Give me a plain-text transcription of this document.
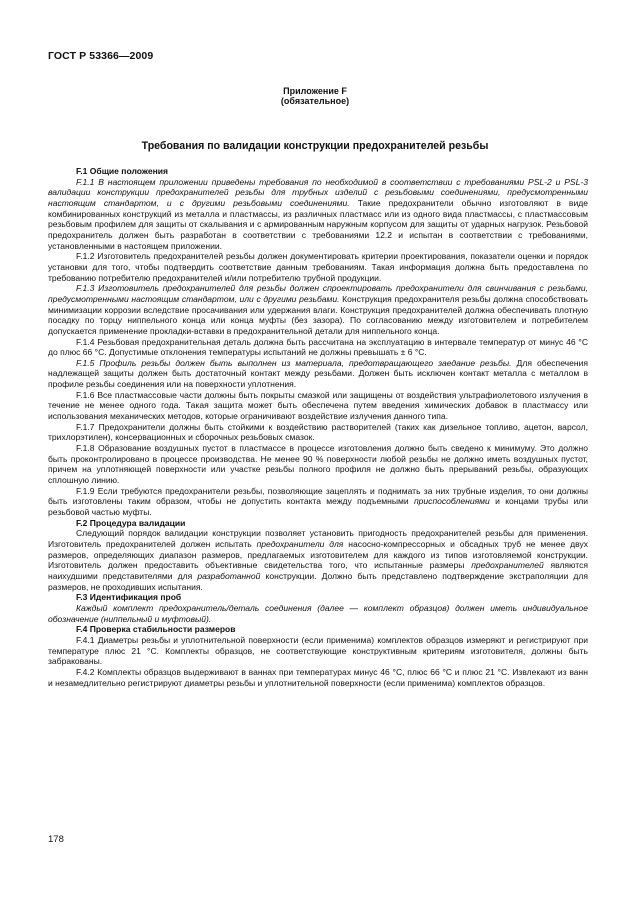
ГОСТ Р 53366—2009
Приложение F
(обязательное)
Требования по валидации конструкции предохранителей резьбы

F.1 Общие положения

F.1.1 В настоящем приложении приведены требования по необходимой в соответствии с требованиями PSL-2 и PSL-3 валидации конструкции предохранителей резьбы для трубных изделий с резьбовыми соединениями, предусмотренными настоящим стандартом, и с другими резьбовыми соединениями. Такие предохранители обычно изготовляют в виде комбинированных конструкций из металла и пластмассы, из различных пластмасс или из одного вида пластмассы, с пластмассовым резьбовым профилем для защиты от скалывания и с армированным наружным корпусом для защиты от ударных нагрузок. Резьбовой предохранитель должен быть разработан в соответствии с требованиями 12.2 и испытан в соответствии с требованиями, установленными в настоящем приложении.

F.1.2 Изготовитель предохранителей резьбы должен документировать критерии проектирования, показатели оценки и порядок установки для того, чтобы подтвердить соответствие данным требованиям. Такая информация должна быть предоставлена по требованию потребителю предохранителей и/или потребителю трубной продукции.

F.1.3 Изготовитель предохранителей для резьбы должен спроектировать предохранители для свинчивания с резьбами, предусмотренными настоящим стандартом, или с другими резьбами. Конструкция предохранителя резьбы должна способствовать минимизации коррозии вследствие просачивания или удержания влаги. Конструкция предохранителей должна обеспечивать плотную посадку по торцу ниппельного конца или конца муфты (без зазора). По согласованию между изготовителем и потребителем допускается применение прокладки-вставки в предохранительной детали для ниппельного конца.

F.1.4 Резьбовая предохранительная деталь должна быть рассчитана на эксплуатацию в интервале температур от минус 46 °С до плюс 66 °С. Допустимые отклонения температуры испытаний не должны превышать ± 6 °С.

F.1.5 Профиль резьбы должен быть выполнен из материала, предотвращающего заедание резьбы. Для обеспечения надлежащей защиты должен быть достаточный контакт между резьбами. Должен быть исключен контакт металла с металлом в профиле резьбы соединения или на поверхности уплотнения.

F.1.6 Все пластмассовые части должны быть покрыты смазкой или защищены от воздействия ультрафиолетового излучения в течение не менее одного года. Такая защита может быть обеспечена путем введения химических добавок в пластмассу или использования механических методов, которые ограничивают воздействие излучения данного типа.

F.1.7 Предохранители должны быть стойкими к воздействию растворителей (таких как дизельное топливо, ацетон, варсол, трихлорэтилен), консервационных и сборочных резьбовых смазок.

F.1.8 Образование воздушных пустот в пластмассе в процессе изготовления должно быть сведено к минимуму. Это должно быть проконтролировано в процессе производства. Не менее 90 % поверхности любой резьбы не должно иметь воздушных пустот, причем на уплотняющей поверхности или участке резьбы полного профиля не должно быть прерываний резьбы, образующих сплошную линию.

F.1.9 Если требуются предохранители резьбы, позволяющие зацеплять и поднимать за них трубные изделия, то они должны быть изготовлены таким образом, чтобы не допустить контакта между подъемными приспособлениями и концами трубы или резьбовой частью муфты.

F.2 Процедура валидации

Следующий порядок валидации конструкции позволяет установить пригодность предохранителей резьбы для применения. Изготовитель предохранителей должен испытать предохранители для насосно-компрессорных и обсадных труб не менее двух размеров, определяющих диапазон размеров, предлагаемых изготовителем для каждого из типов изготовляемой конструкции. Изготовитель должен предоставить объективные свидетельства того, что испытанные размеры предохранителей являются наихудшими представителями для разработанной конструкции. Должно быть представлено подтверждение экстраполяции для размеров, не проходивших испытания.

F.3 Идентификация проб

Каждый комплект предохранитель/деталь соединения (далее — комплект образцов) должен иметь индивидуальное обозначение (ниппельный и муфтовый).

F.4 Проверка стабильности размеров

F.4.1 Диаметры резьбы и уплотнительной поверхности (если применима) комплектов образцов измеряют и регистрируют при температуре плюс 21 °С. Комплекты образцов, не соответствующие конструктивным критериям изготовителя, должны быть забракованы.

F.4.2 Комплекты образцов выдерживают в ваннах при температурах минус 46 °С, плюс 66 °С и плюс 21 °С. Извлекают из ванн и незамедлительно регистрируют диаметры резьбы и уплотнительной поверхности (если применима) комплектов образцов.

178
